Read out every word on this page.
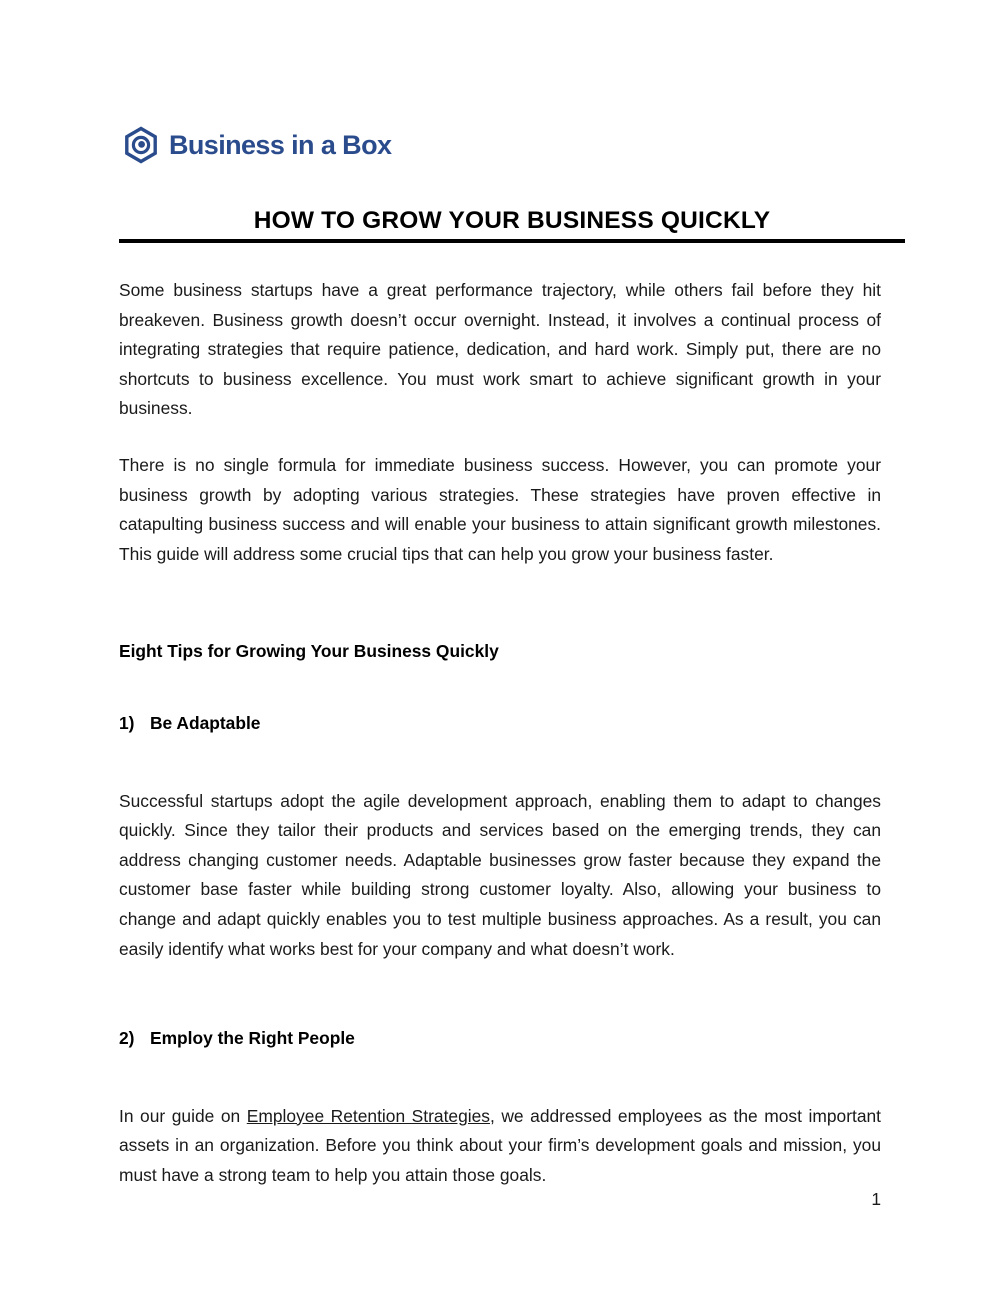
Business in a Box
HOW TO GROW YOUR BUSINESS QUICKLY

Some business startups have a great performance trajectory, while others fail before they hit breakeven. Business growth doesn’t occur overnight. Instead, it involves a continual process of integrating strategies that require patience, dedication, and hard work. Simply put, there are no shortcuts to business excellence. You must work smart to achieve significant growth in your business.

There is no single formula for immediate business success. However, you can promote your business growth by adopting various strategies. These strategies have proven effective in catapulting business success and will enable your business to attain significant growth milestones. This guide will address some crucial tips that can help you grow your business faster.

Eight Tips for Growing Your Business Quickly
1) Be Adaptable

Successful startups adopt the agile development approach, enabling them to adapt to changes quickly. Since they tailor their products and services based on the emerging trends, they can address changing customer needs. Adaptable businesses grow faster because they expand the customer base faster while building strong customer loyalty. Also, allowing your business to change and adapt quickly enables you to test multiple business approaches. As a result, you can easily identify what works best for your company and what doesn’t work.

2) Employ the Right People

In our guide on Employee Retention Strategies, we addressed employees as the most important assets in an organization. Before you think about your firm’s development goals and mission, you must have a strong team to help you attain those goals.

1
